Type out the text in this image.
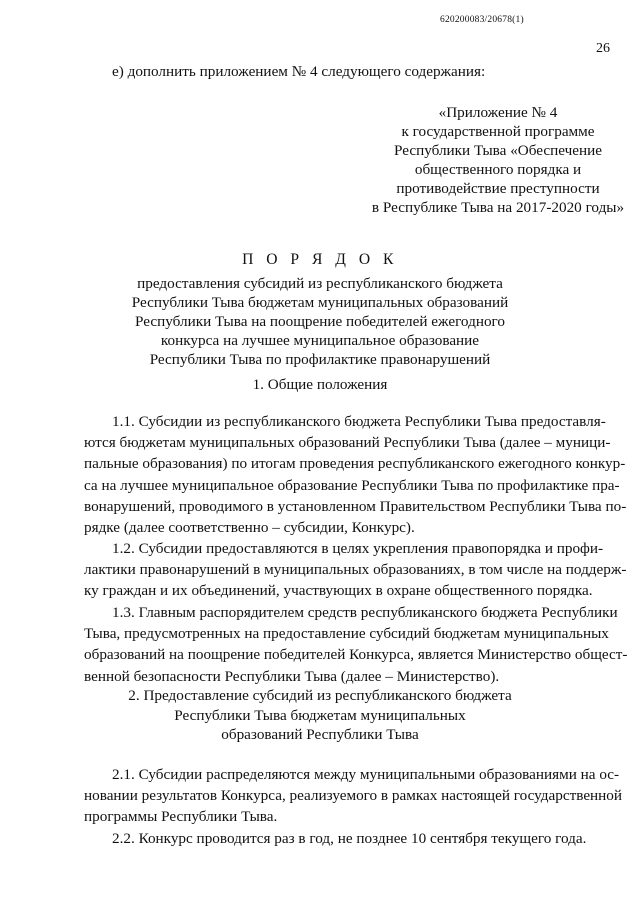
620200083/20678(1)
26
е) дополнить приложением № 4 следующего содержания:
«Приложение № 4
к государственной программе
Республики Тыва «Обеспечение
общественного порядка и
противодействие преступности
в Республике Тыва на 2017-2020 годы»
П О Р Я Д О К
предоставления субсидий из республиканского бюджета
Республики Тыва бюджетам муниципальных образований
Республики Тыва на поощрение победителей ежегодного
конкурса на лучшее муниципальное образование
Республики Тыва по профилактике правонарушений
1. Общие положения
1.1. Субсидии из республиканского бюджета Республики Тыва предоставля-
ются бюджетам муниципальных образований Республики Тыва (далее – муници-
пальные образования) по итогам проведения республиканского ежегодного конкур-
са на лучшее муниципальное образование Республики Тыва по профилактике пра-
вонарушений, проводимого в установленном Правительством Республики Тыва по-
рядке (далее соответственно – субсидии, Конкурс).
1.2. Субсидии предоставляются в целях укрепления правопорядка и профи-
лактики правонарушений в муниципальных образованиях, в том числе на поддерж-
ку граждан и их объединений, участвующих в охране общественного порядка.
1.3. Главным распорядителем средств республиканского бюджета Республики
Тыва, предусмотренных на предоставление субсидий бюджетам муниципальных
образований на поощрение победителей Конкурса, является Министерство общест-
венной безопасности Республики Тыва (далее – Министерство).
2. Предоставление субсидий из республиканского бюджета
Республики Тыва бюджетам муниципальных
образований Республики Тыва
2.1. Субсидии распределяются между муниципальными образованиями на ос-
новании результатов Конкурса, реализуемого в рамках настоящей государственной
программы Республики Тыва.
2.2. Конкурс проводится раз в год, не позднее 10 сентября текущего года.
